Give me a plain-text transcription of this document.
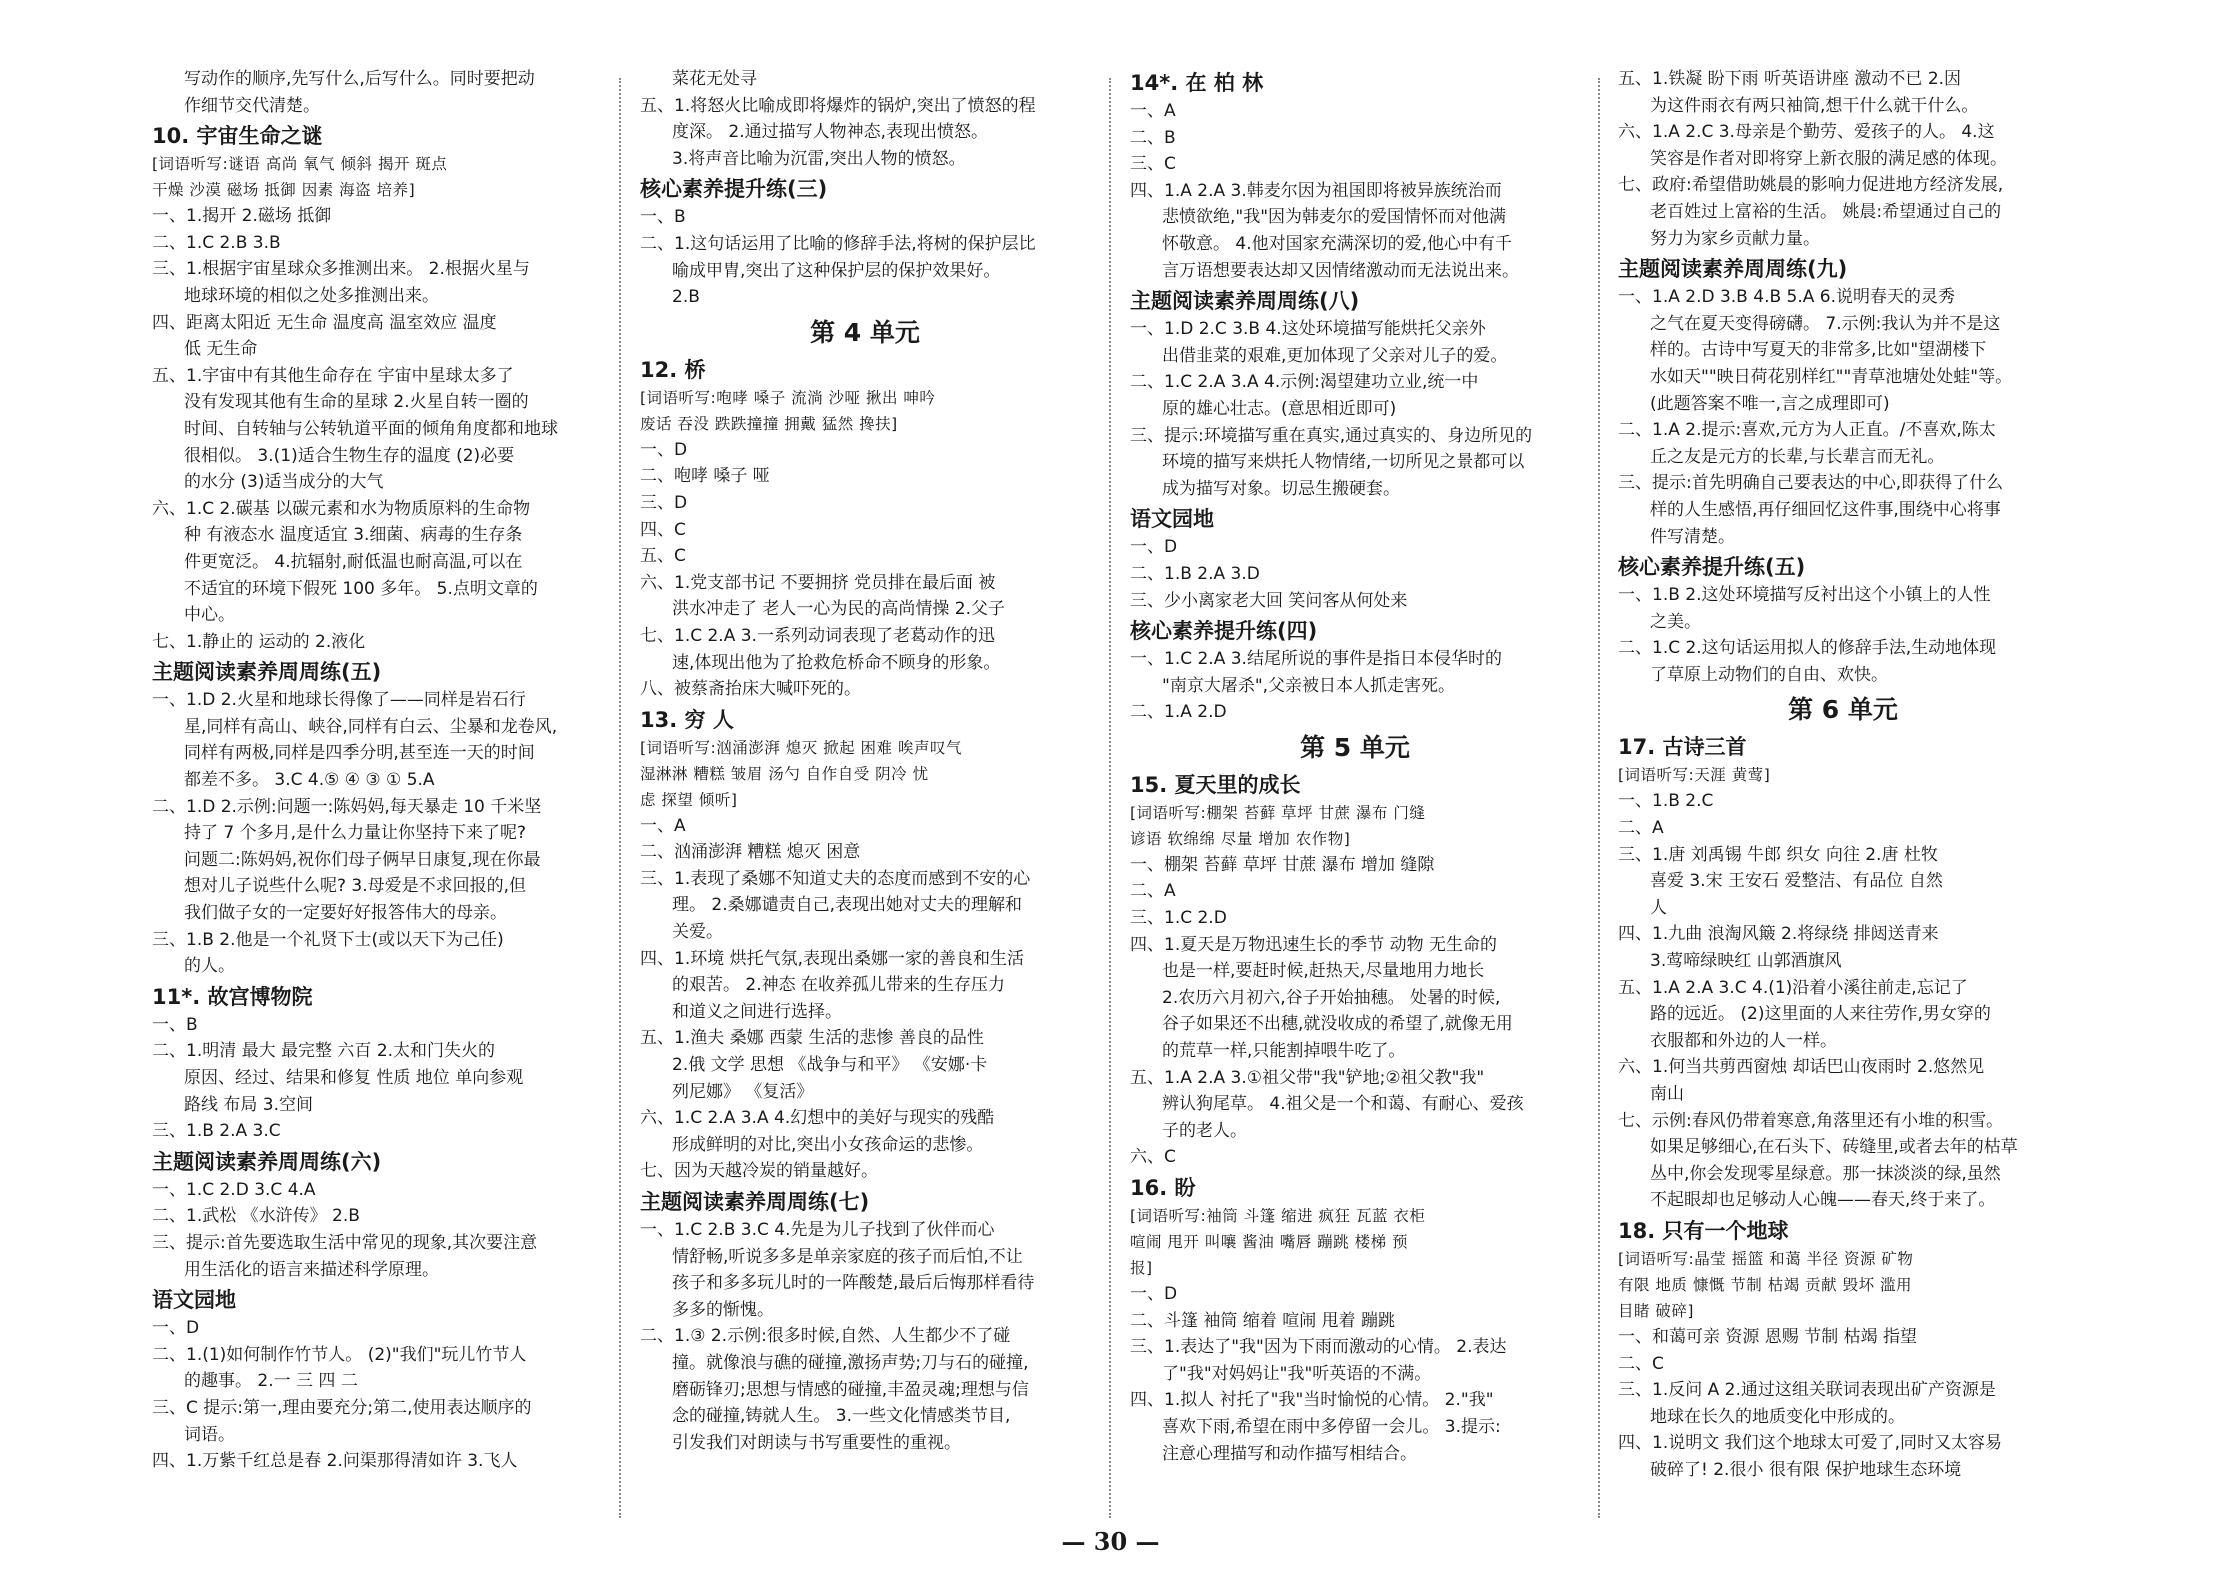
写动作的顺序,先写什么,后写什么。同时要把动
作细节交代清楚。
10. 宇宙生命之谜
[词语听写:谜语 高尚 氧气 倾斜 揭开 斑点
干燥 沙漠 磁场 抵御 因素 海盗 培养]
一、1.揭开 2.磁场 抵御
二、1.C 2.B 3.B
三、1.根据宇宙星球众多推测出来。 2.根据火星与
地球环境的相似之处多推测出来。
四、距离太阳近 无生命 温度高 温室效应 温度
低 无生命
五、1.宇宙中有其他生命存在 宇宙中星球太多了
没有发现其他有生命的星球 2.火星自转一圈的
时间、自转轴与公转轨道平面的倾角角度都和地球
很相似。 3.(1)适合生物生存的温度 (2)必要
的水分 (3)适当成分的大气
六、1.C 2.碳基 以碳元素和水为物质原料的生命物
种 有液态水 温度适宜 3.细菌、病毒的生存条
件更宽泛。 4.抗辐射,耐低温也耐高温,可以在
不适宜的环境下假死 100 多年。 5.点明文章的
中心。
七、1.静止的 运动的 2.液化
主题阅读素养周周练(五)
一、1.D 2.火星和地球长得像了——同样是岩石行
星,同样有高山、峡谷,同样有白云、尘暴和龙卷风,
同样有两极,同样是四季分明,甚至连一天的时间
都差不多。 3.C 4.⑤ ④ ③ ① 5.A
二、1.D 2.示例:问题一:陈妈妈,每天暴走 10 千米坚
持了 7 个多月,是什么力量让你坚持下来了呢?
问题二:陈妈妈,祝你们母子俩早日康复,现在你最
想对儿子说些什么呢? 3.母爱是不求回报的,但
我们做子女的一定要好好报答伟大的母亲。
三、1.B 2.他是一个礼贤下士(或以天下为己任)
的人。
11*. 故宫博物院
一、B
二、1.明清 最大 最完整 六百 2.太和门失火的
原因、经过、结果和修复 性质 地位 单向参观
路线 布局 3.空间
三、1.B 2.A 3.C
主题阅读素养周周练(六)
一、1.C 2.D 3.C 4.A
二、1.武松 《水浒传》 2.B
三、提示:首先要选取生活中常见的现象,其次要注意
用生活化的语言来描述科学原理。
语文园地
一、D
二、1.(1)如何制作竹节人。 (2)"我们"玩儿竹节人
的趣事。 2.一 三 四 二
三、C 提示:第一,理由要充分;第二,使用表达顺序的
词语。
四、1.万紫千红总是春 2.问渠那得清如许 3.飞人
菜花无处寻
五、1.将怒火比喻成即将爆炸的锅炉,突出了愤怒的程
度深。 2.通过描写人物神态,表现出愤怒。
3.将声音比喻为沉雷,突出人物的愤怒。
核心素养提升练(三)
一、B
二、1.这句话运用了比喻的修辞手法,将树的保护层比
喻成甲胄,突出了这种保护层的保护效果好。
2.B
第 4 单元
12. 桥
[词语听写:咆哮 嗓子 流淌 沙哑 揪出 呻吟
废话 吞没 跌跌撞撞 拥戴 猛然 搀扶]
一、D
二、咆哮 嗓子 哑
三、D
四、C
五、C
六、1.党支部书记 不要拥挤 党员排在最后面 被
洪水冲走了 老人一心为民的高尚情操 2.父子
七、1.C 2.A 3.一系列动词表现了老葛动作的迅
速,体现出他为了抢救危桥命不顾身的形象。
八、被蔡斋抬床大喊吓死的。
13. 穷 人
[词语听写:汹涌澎湃 熄灭 掀起 困难 唉声叹气
湿淋淋 糟糕 皱眉 汤勺 自作自受 阴冷 忧
虑 探望 倾听]
一、A
二、汹涌澎湃 糟糕 熄灭 困意
三、1.表现了桑娜不知道丈夫的态度而感到不安的心
理。 2.桑娜谴责自己,表现出她对丈夫的理解和
关爱。
四、1.环境 烘托气氛,表现出桑娜一家的善良和生活
的艰苦。 2.神态 在收养孤儿带来的生存压力
和道义之间进行选择。
五、1.渔夫 桑娜 西蒙 生活的悲惨 善良的品性
2.俄 文学 思想 《战争与和平》 《安娜·卡
列尼娜》 《复活》
六、1.C 2.A 3.A 4.幻想中的美好与现实的残酷
形成鲜明的对比,突出小女孩命运的悲惨。
七、因为天越冷炭的销量越好。
主题阅读素养周周练(七)
一、1.C 2.B 3.C 4.先是为儿子找到了伙伴而心
情舒畅,听说多多是单亲家庭的孩子而后怕,不让
孩子和多多玩儿时的一阵酸楚,最后后悔那样看待
多多的惭愧。
二、1.③ 2.示例:很多时候,自然、人生都少不了碰
撞。就像浪与礁的碰撞,激扬声势;刀与石的碰撞,
磨砺锋刃;思想与情感的碰撞,丰盈灵魂;理想与信
念的碰撞,铸就人生。 3.一些文化情感类节目,
引发我们对朗读与书写重要性的重视。
14*. 在 柏 林
一、A
二、B
三、C
四、1.A 2.A 3.韩麦尔因为祖国即将被异族统治而
悲愤欲绝,"我"因为韩麦尔的爱国情怀而对他满
怀敬意。 4.他对国家充满深切的爱,他心中有千
言万语想要表达却又因情绪激动而无法说出来。
主题阅读素养周周练(八)
一、1.D 2.C 3.B 4.这处环境描写能烘托父亲外
出借韭菜的艰难,更加体现了父亲对儿子的爱。
二、1.C 2.A 3.A 4.示例:渴望建功立业,统一中
原的雄心壮志。(意思相近即可)
三、提示:环境描写重在真实,通过真实的、身边所见的
环境的描写来烘托人物情绪,一切所见之景都可以
成为描写对象。切忌生搬硬套。
语文园地
一、D
二、1.B 2.A 3.D
三、少小离家老大回 笑问客从何处来
核心素养提升练(四)
一、1.C 2.A 3.结尾所说的事件是指日本侵华时的
"南京大屠杀",父亲被日本人抓走害死。
二、1.A 2.D
第 5 单元
15. 夏天里的成长
[词语听写:棚架 苔藓 草坪 甘蔗 瀑布 门缝
谚语 软绵绵 尽量 增加 农作物]
一、棚架 苔藓 草坪 甘蔗 瀑布 增加 缝隙
二、A
三、1.C 2.D
四、1.夏天是万物迅速生长的季节 动物 无生命的
也是一样,要赶时候,赶热天,尽量地用力地长
2.农历六月初六,谷子开始抽穗。 处暑的时候,
谷子如果还不出穗,就没收成的希望了,就像无用
的荒草一样,只能割掉喂牛吃了。
五、1.A 2.A 3.①祖父带"我"铲地;②祖父教"我"
辨认狗尾草。 4.祖父是一个和蔼、有耐心、爱孩
子的老人。
六、C
16. 盼
[词语听写:袖筒 斗篷 缩进 疯狂 瓦蓝 衣柜
喧闹 甩开 叫嚷 酱油 嘴唇 蹦跳 楼梯 预
报]
一、D
二、斗篷 袖筒 缩着 喧闹 甩着 蹦跳
三、1.表达了"我"因为下雨而激动的心情。 2.表达
了"我"对妈妈让"我"听英语的不满。
四、1.拟人 衬托了"我"当时愉悦的心情。 2."我"
喜欢下雨,希望在雨中多停留一会儿。 3.提示:
注意心理描写和动作描写相结合。
五、1.铁凝 盼下雨 听英语讲座 激动不已 2.因
为这件雨衣有两只袖筒,想干什么就干什么。
六、1.A 2.C 3.母亲是个勤劳、爱孩子的人。 4.这
笑容是作者对即将穿上新衣服的满足感的体现。
七、政府:希望借助姚晨的影响力促进地方经济发展,
老百姓过上富裕的生活。 姚晨:希望通过自己的
努力为家乡贡献力量。
主题阅读素养周周练(九)
一、1.A 2.D 3.B 4.B 5.A 6.说明春天的灵秀
之气在夏天变得磅礴。 7.示例:我认为并不是这
样的。古诗中写夏天的非常多,比如"望湖楼下
水如天""映日荷花别样红""青草池塘处处蛙"等。
(此题答案不唯一,言之成理即可)
二、1.A 2.提示:喜欢,元方为人正直。/不喜欢,陈太
丘之友是元方的长辈,与长辈言而无礼。
三、提示:首先明确自己要表达的中心,即获得了什么
样的人生感悟,再仔细回忆这件事,围绕中心将事
件写清楚。
核心素养提升练(五)
一、1.B 2.这处环境描写反衬出这个小镇上的人性
之美。
二、1.C 2.这句话运用拟人的修辞手法,生动地体现
了草原上动物们的自由、欢快。
第 6 单元
17. 古诗三首
[词语听写:天涯 黄莺]
一、1.B 2.C
二、A
三、1.唐 刘禹锡 牛郎 织女 向往 2.唐 杜牧
喜爱 3.宋 王安石 爱整洁、有品位 自然
人
四、1.九曲 浪淘风簸 2.将绿绕 排闼送青来
3.莺啼绿映红 山郭酒旗风
五、1.A 2.A 3.C 4.(1)沿着小溪往前走,忘记了
路的远近。 (2)这里面的人来往劳作,男女穿的
衣服都和外边的人一样。
六、1.何当共剪西窗烛 却话巴山夜雨时 2.悠然见
南山
七、示例:春风仍带着寒意,角落里还有小堆的积雪。
如果足够细心,在石头下、砖缝里,或者去年的枯草
丛中,你会发现零星绿意。那一抹淡淡的绿,虽然
不起眼却也足够动人心魄——春天,终于来了。
18. 只有一个地球
[词语听写:晶莹 摇篮 和蔼 半径 资源 矿物
有限 地质 慷慨 节制 枯竭 贡献 毁坏 滥用
目睹 破碎]
一、和蔼可亲 资源 恩赐 节制 枯竭 指望
二、C
三、1.反问 A 2.通过这组关联词表现出矿产资源是
地球在长久的地质变化中形成的。
四、1.说明文 我们这个地球太可爱了,同时又太容易
破碎了! 2.很小 很有限 保护地球生态环境
— 30 —
